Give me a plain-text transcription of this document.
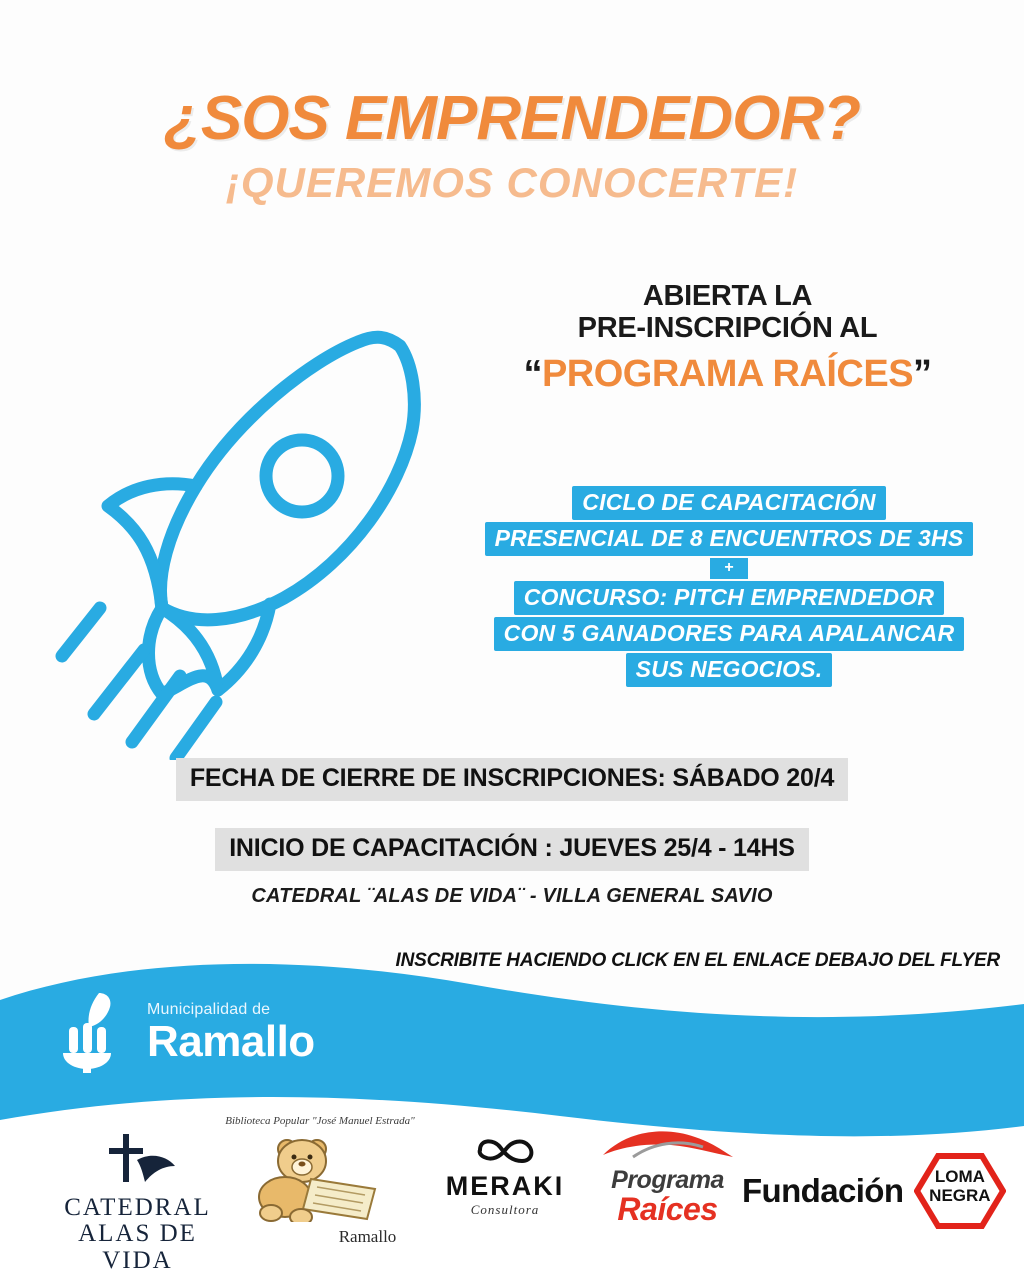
¿SOS EMPRENDEDOR?
¡QUEREMOS CONOCERTE!
ABIERTA LA
PRE-INSCRIPCIÓN AL
“PROGRAMA RAÍCES”
CICLO DE CAPACITACIÓN
PRESENCIAL DE 8 ENCUENTROS DE 3HS
+
CONCURSO: PITCH EMPRENDEDOR
CON 5 GANADORES PARA APALANCAR
SUS NEGOCIOS.
FECHA DE CIERRE DE INSCRIPCIONES: SÁBADO 20/4
INICIO DE CAPACITACIÓN : JUEVES 25/4 - 14HS
CATEDRAL ¨ALAS DE VIDA¨ - VILLA GENERAL SAVIO
INSCRIBITE HACIENDO CLICK EN EL ENLACE DEBAJO DEL FLYER
Municipalidad de
Ramallo
CATEDRAL
ALAS DE VIDA
Biblioteca Popular "José Manuel Estrada"
Ramallo
MERAKI
Consultora
Programa
Raíces Fundación	LOMA
NEGRA
